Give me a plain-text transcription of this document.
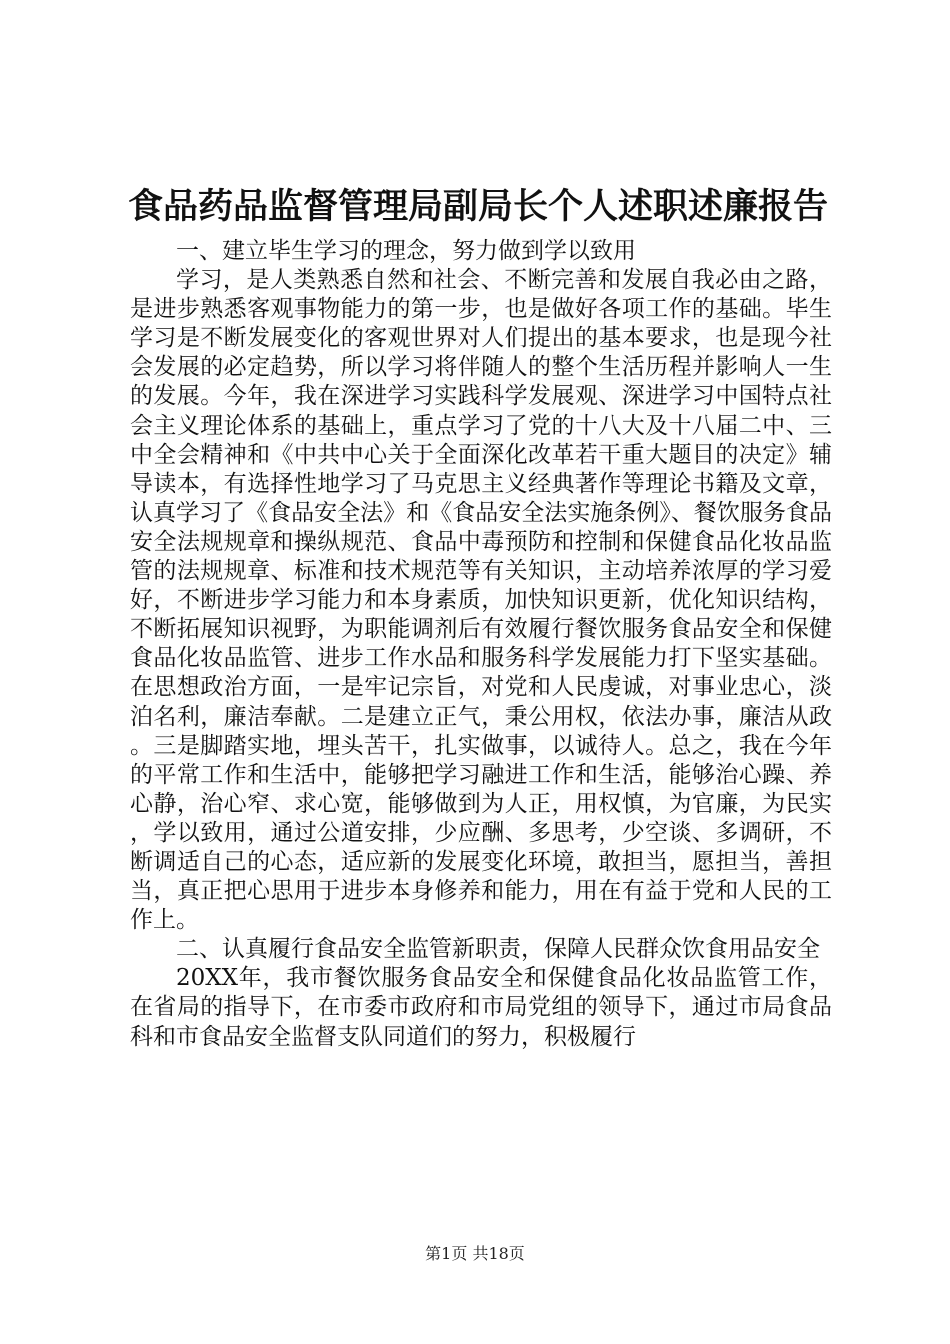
食品药品监督管理局副局长个人述职述廉报告

一、建立毕生学习的理念，努力做到学以致用

学习，是人类熟悉自然和社会、不断完善和发展自我必由之路，是进步熟悉客观事物能力的第一步，也是做好各项工作的基础。毕生学习是不断发展变化的客观世界对人们提出的基本要求，也是现今社会发展的必定趋势，所以学习将伴随人的整个生活历程并影响人一生的发展。今年，我在深进学习实践科学发展观、深进学习中国特点社会主义理论体系的基础上，重点学习了党的十八大及十八届二中、三中全会精神和《中共中心关于全面深化改革若干重大题目的决定》辅导读本，有选择性地学习了马克思主义经典著作等理论书籍及文章，认真学习了《食品安全法》和《食品安全法实施条例》、餐饮服务食品安全法规规章和操纵规范、食品中毒预防和控制和保健食品化妆品监管的法规规章、标准和技术规范等有关知识，主动培养浓厚的学习爱好，不断进步学习能力和本身素质，加快知识更新，优化知识结构，不断拓展知识视野，为职能调剂后有效履行餐饮服务食品安全和保健食品化妆品监管、进步工作水品和服务科学发展能力打下坚实基础。在思想政治方面，一是牢记宗旨，对党和人民虔诚，对事业忠心，淡泊名利，廉洁奉献。二是建立正气，秉公用权，依法办事，廉洁从政。三是脚踏实地，埋头苦干，扎实做事，以诚待人。总之，我在今年的平常工作和生活中，能够把学习融进工作和生活，能够治心躁、养心静，治心窄、求心宽，能够做到为人正，用权慎，为官廉，为民实，学以致用，通过公道安排，少应酬、多思考，少空谈、多调研，不断调适自己的心态，适应新的发展变化环境，敢担当，愿担当，善担当，真正把心思用于进步本身修养和能力，用在有益于党和人民的工作上。

二、认真履行食品安全监管新职责，保障人民群众饮食用品安全

20XX年，我市餐饮服务食品安全和保健食品化妆品监管工作，在省局的指导下，在市委市政府和市局党组的领导下，通过市局食品科和市食品安全监督支队同道们的努力，积极履行

第1页 共18页
